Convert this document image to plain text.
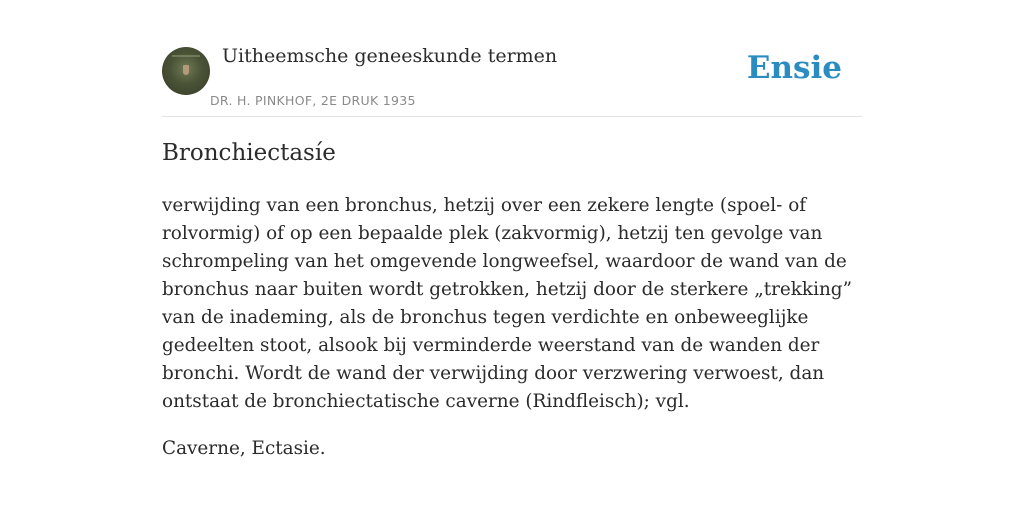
Uitheemsche geneeskunde termen
DR. H. PINKHOF, 2E DRUK 1935
Ensie
Bronchiectasíe

verwijding van een bronchus, hetzij over een zekere lengte (spoel- of rolvormig) of op een bepaalde plek (zakvormig), hetzij ten gevolge van schrompeling van het omgevende longweefsel, waardoor de wand van de bronchus naar buiten wordt getrokken, hetzij door de sterkere „trekking” van de inademing, als de bronchus tegen verdichte en onbeweeglijke gedeelten stoot, alsook bij verminderde weerstand van de wanden der bronchi. Wordt de wand der verwijding door verzwering verwoest, dan ontstaat de bronchiectatische caverne (Rindfleisch); vgl.

Caverne, Ectasie.
